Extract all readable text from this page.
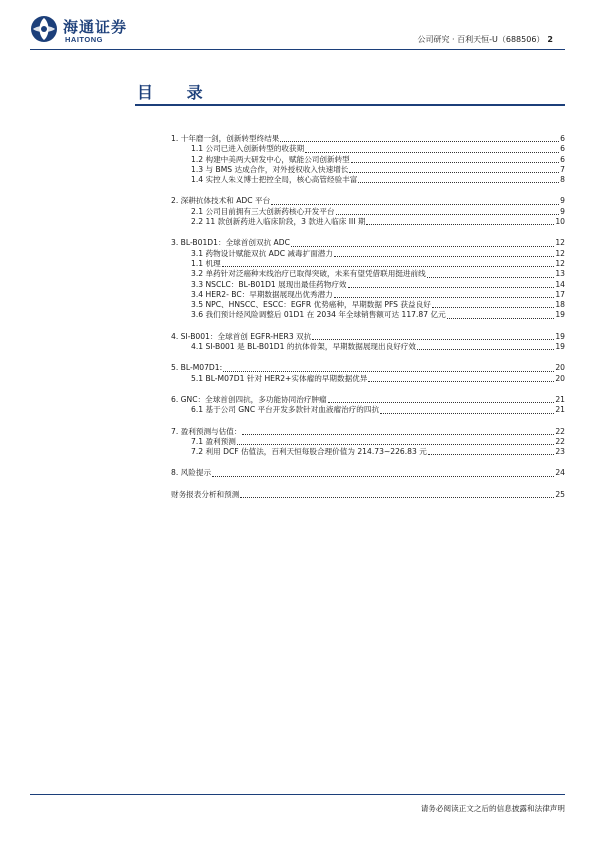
海通证券
HAITONG	公司研究 · 百利天恒-U（688506） 2
目 录
1. 十年磨一剑，创新转型终结果	6
1.1 公司已进入创新转型的收获期	6
1.2 构建中美两大研发中心，赋能公司创新转型	6
1.3 与 BMS 达成合作，对外授权收入快速增长	7
1.4 实控人朱义博士把控全局，核心高管经验丰富	8
2. 深耕抗体技术和 ADC 平台	9
2.1 公司目前拥有三大创新药核心开发平台	9
2.2 11 款创新药进入临床阶段，3 款进入临床 III 期	10
3. BL-B01D1：全球首创双抗 ADC	12
3.1 药物设计赋能双抗 ADC 减毒扩面潜力	12
1.1 机理	12
3.2 单药针对泛癌种末线治疗已取得突破，未来有望凭借联用挺进前线	13
3.3 NSCLC：BL-B01D1 展现出最佳药物疗效	14
3.4 HER2- BC：早期数据展现出优秀潜力	17
3.5 NPC、HNSCC、ESCC：EGFR 优势癌种，早期数据 PFS 获益良好	18
3.6 我们预计经风险调整后 01D1 在 2034 年全球销售额可达 117.87 亿元	19
4. SI-B001：全球首创 EGFR-HER3 双抗	19
4.1 SI-B001 是 BL-B01D1 的抗体骨架，早期数据展现出良好疗效	19
5. BL-M07D1:	20
5.1 BL-M07D1 针对 HER2+实体瘤的早期数据优异	20
6. GNC：全球首创四抗，多功能协同治疗肿瘤	21
6.1 基于公司 GNC 平台开发多款针对血液瘤治疗的四抗	21
7. 盈利预测与估值：	22
7.1 盈利预测	22
7.2 利用 DCF 估值法，百利天恒每股合理价值为 214.73~226.83 元	23
8. 风险提示	24
财务报表分析和预测	25
请务必阅读正文之后的信息披露和法律声明
